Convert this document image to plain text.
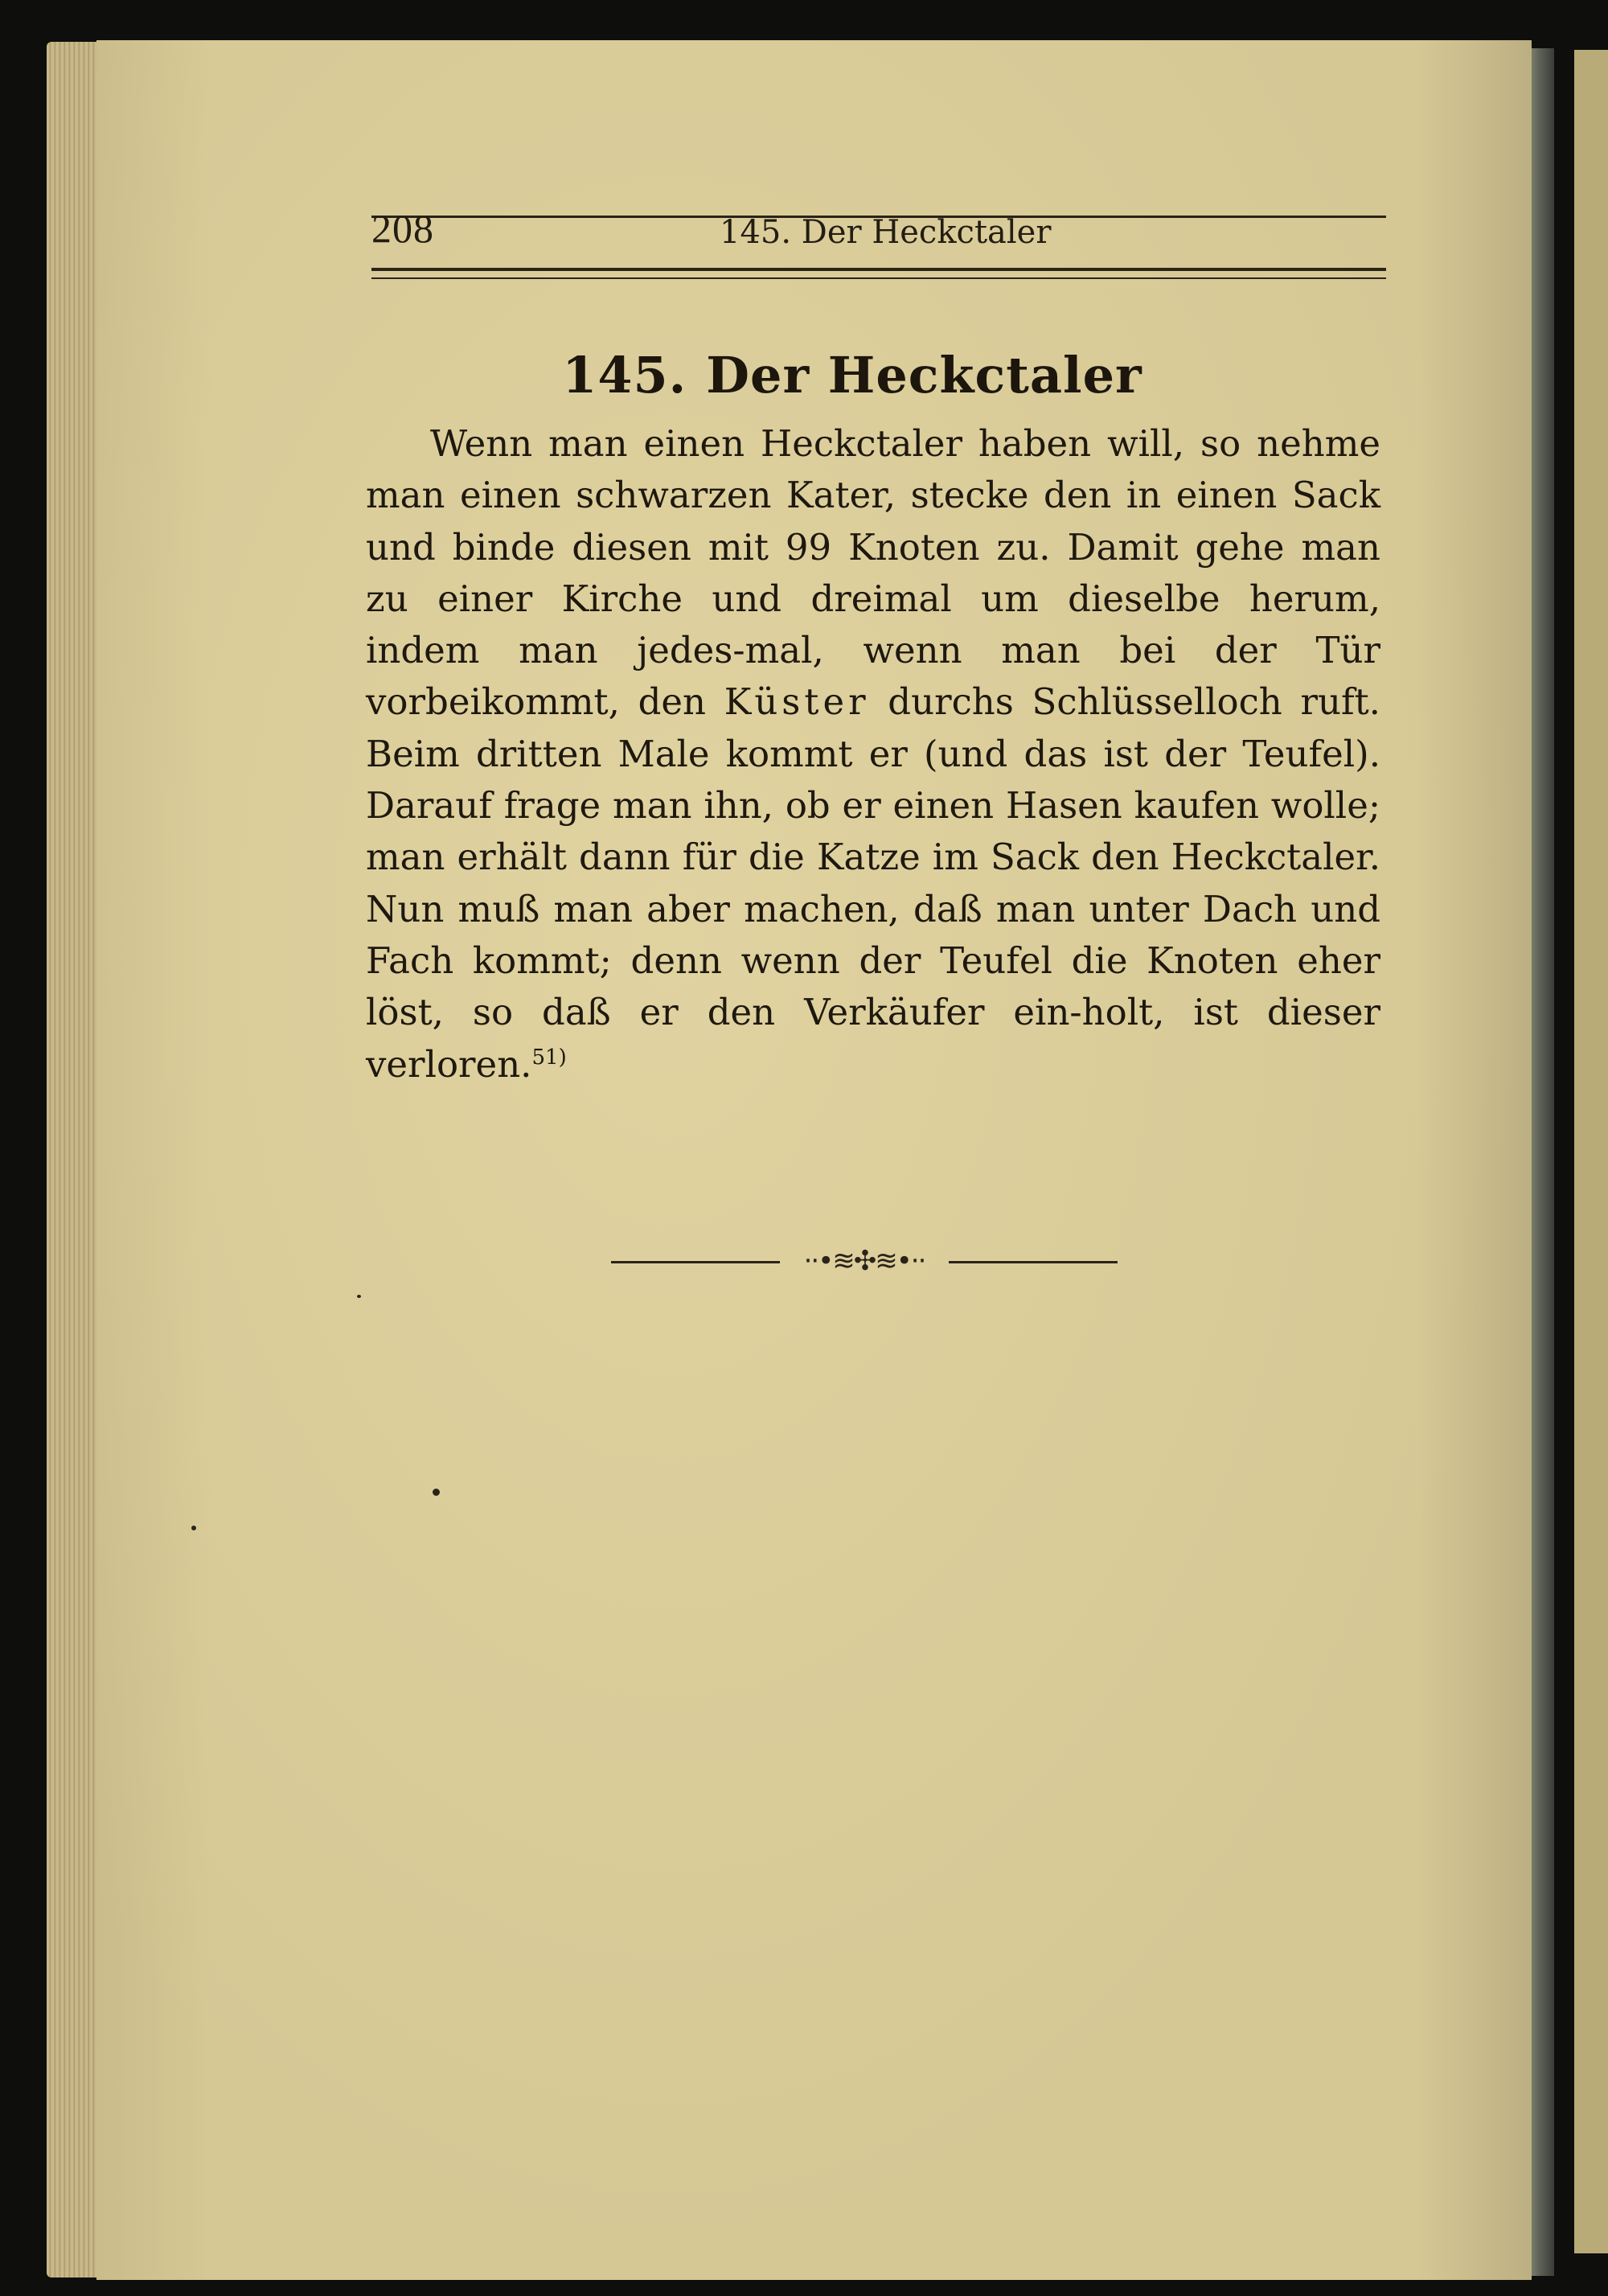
208	145. Der Heckctaler
145. Der Heckctaler

Wenn man einen Heckctaler haben will, so nehme man einen schwarzen Kater, stecke den in einen Sack und binde diesen mit 99 Knoten zu. Damit gehe man zu einer Kirche und dreimal um dieselbe herum, indem man jedes-mal, wenn man bei der Tür vorbeikommt, den Küster durchs Schlüsselloch ruft. Beim dritten Male kommt er (und das ist der Teufel). Darauf frage man ihn, ob er einen Hasen kaufen wolle; man erhält dann für die Katze im Sack den Heckctaler. Nun muß man aber machen, daß man unter Dach und Fach kommt; denn wenn der Teufel die Knoten eher löst, so daß er den Verkäufer ein-holt, ist dieser verloren.$^{51)}$

··•≋✣≋•··
